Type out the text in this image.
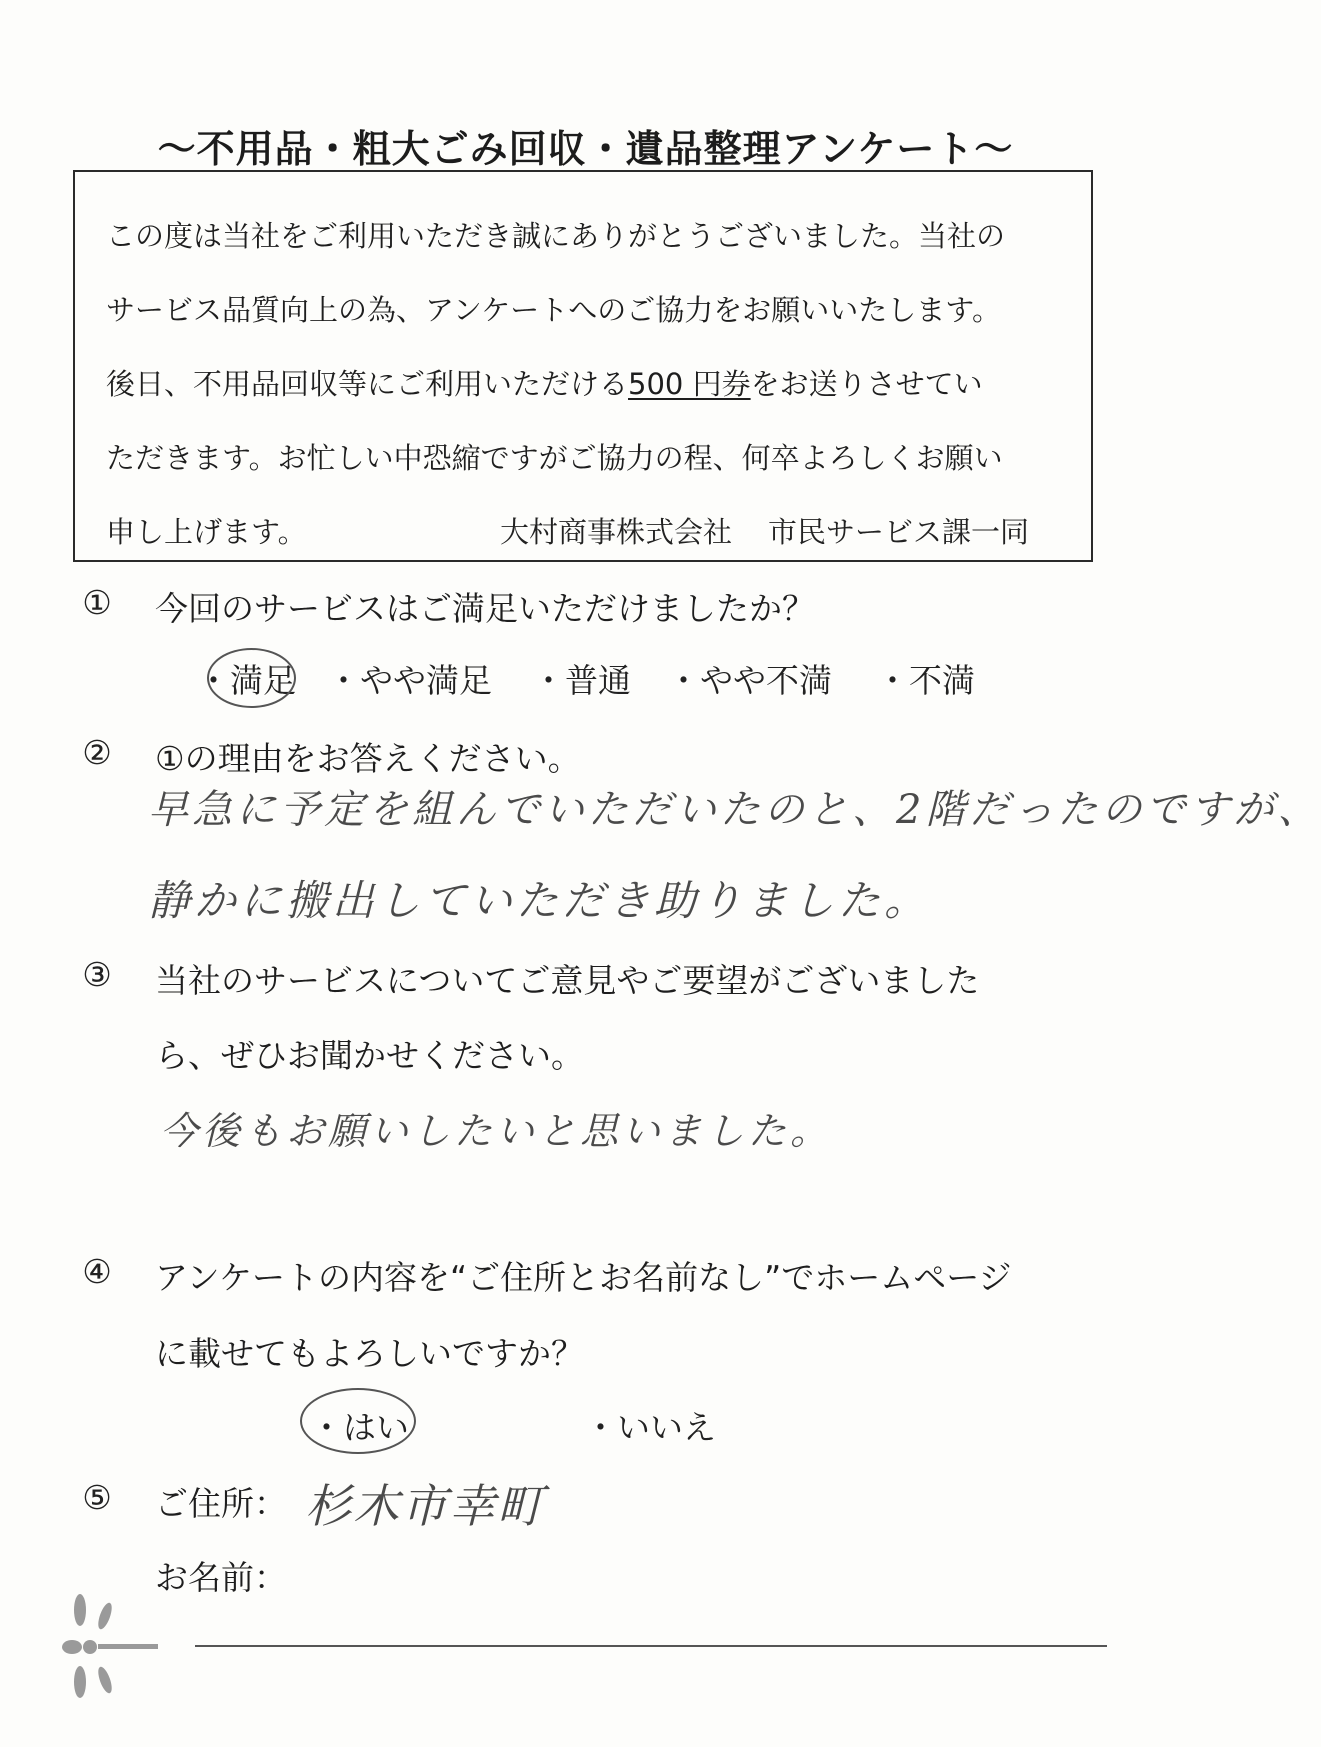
～不用品・粗大ごみ回収・遺品整理アンケート～
この度は当社をご利用いただき誠にありがとうございました。当社の
サービス品質向上の為、アンケートへのご協力をお願いいたします。
後日、不用品回収等にご利用いただける500 円券をお送りさせてい
ただきます。お忙しい中恐縮ですがご協力の程、何卒よろしくお願い
申し上げます。	大村商事株式会社 市民サービス課一同
① 今回のサービスはご満足いただけましたか？
・満足 ・やや満足 ・普通 ・やや不満 ・不満
② ①の理由をお答えください。
早急に予定を組んでいただいたのと、2階だったのですが、
静かに搬出していただき助りました。
③ 当社のサービスについてご意見やご要望がございました
ら、ぜひお聞かせください。
今後もお願いしたいと思いました。
④ アンケートの内容を“ご住所とお名前なし”でホームページ
に載せてもよろしいですか？
・はい	・いいえ
⑤ ご住所： 杉木市幸町
お名前：
